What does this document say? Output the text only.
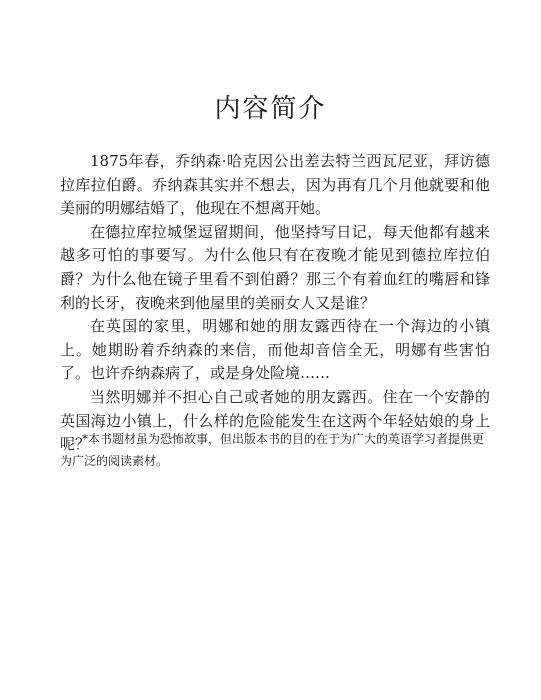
内容简介

1875年春，乔纳森·哈克因公出差去特兰西瓦尼亚，拜访德拉库拉伯爵。乔纳森其实并不想去，因为再有几个月他就要和他美丽的明娜结婚了，他现在不想离开她。

在德拉库拉城堡逗留期间，他坚持写日记，每天他都有越来越多可怕的事要写。为什么他只有在夜晚才能见到德拉库拉伯爵？为什么他在镜子里看不到伯爵？那三个有着血红的嘴唇和锋利的长牙，夜晚来到他屋里的美丽女人又是谁？

在英国的家里，明娜和她的朋友露西待在一个海边的小镇上。她期盼着乔纳森的来信，而他却音信全无，明娜有些害怕了。也许乔纳森病了，或是身处险境……

当然明娜并不担心自己或者她的朋友露西。住在一个安静的英国海边小镇上，什么样的危险能发生在这两个年轻姑娘的身上呢？

*本书题材虽为恐怖故事，但出版本书的目的在于为广大的英语学习者提供更为广泛的阅读素材。
